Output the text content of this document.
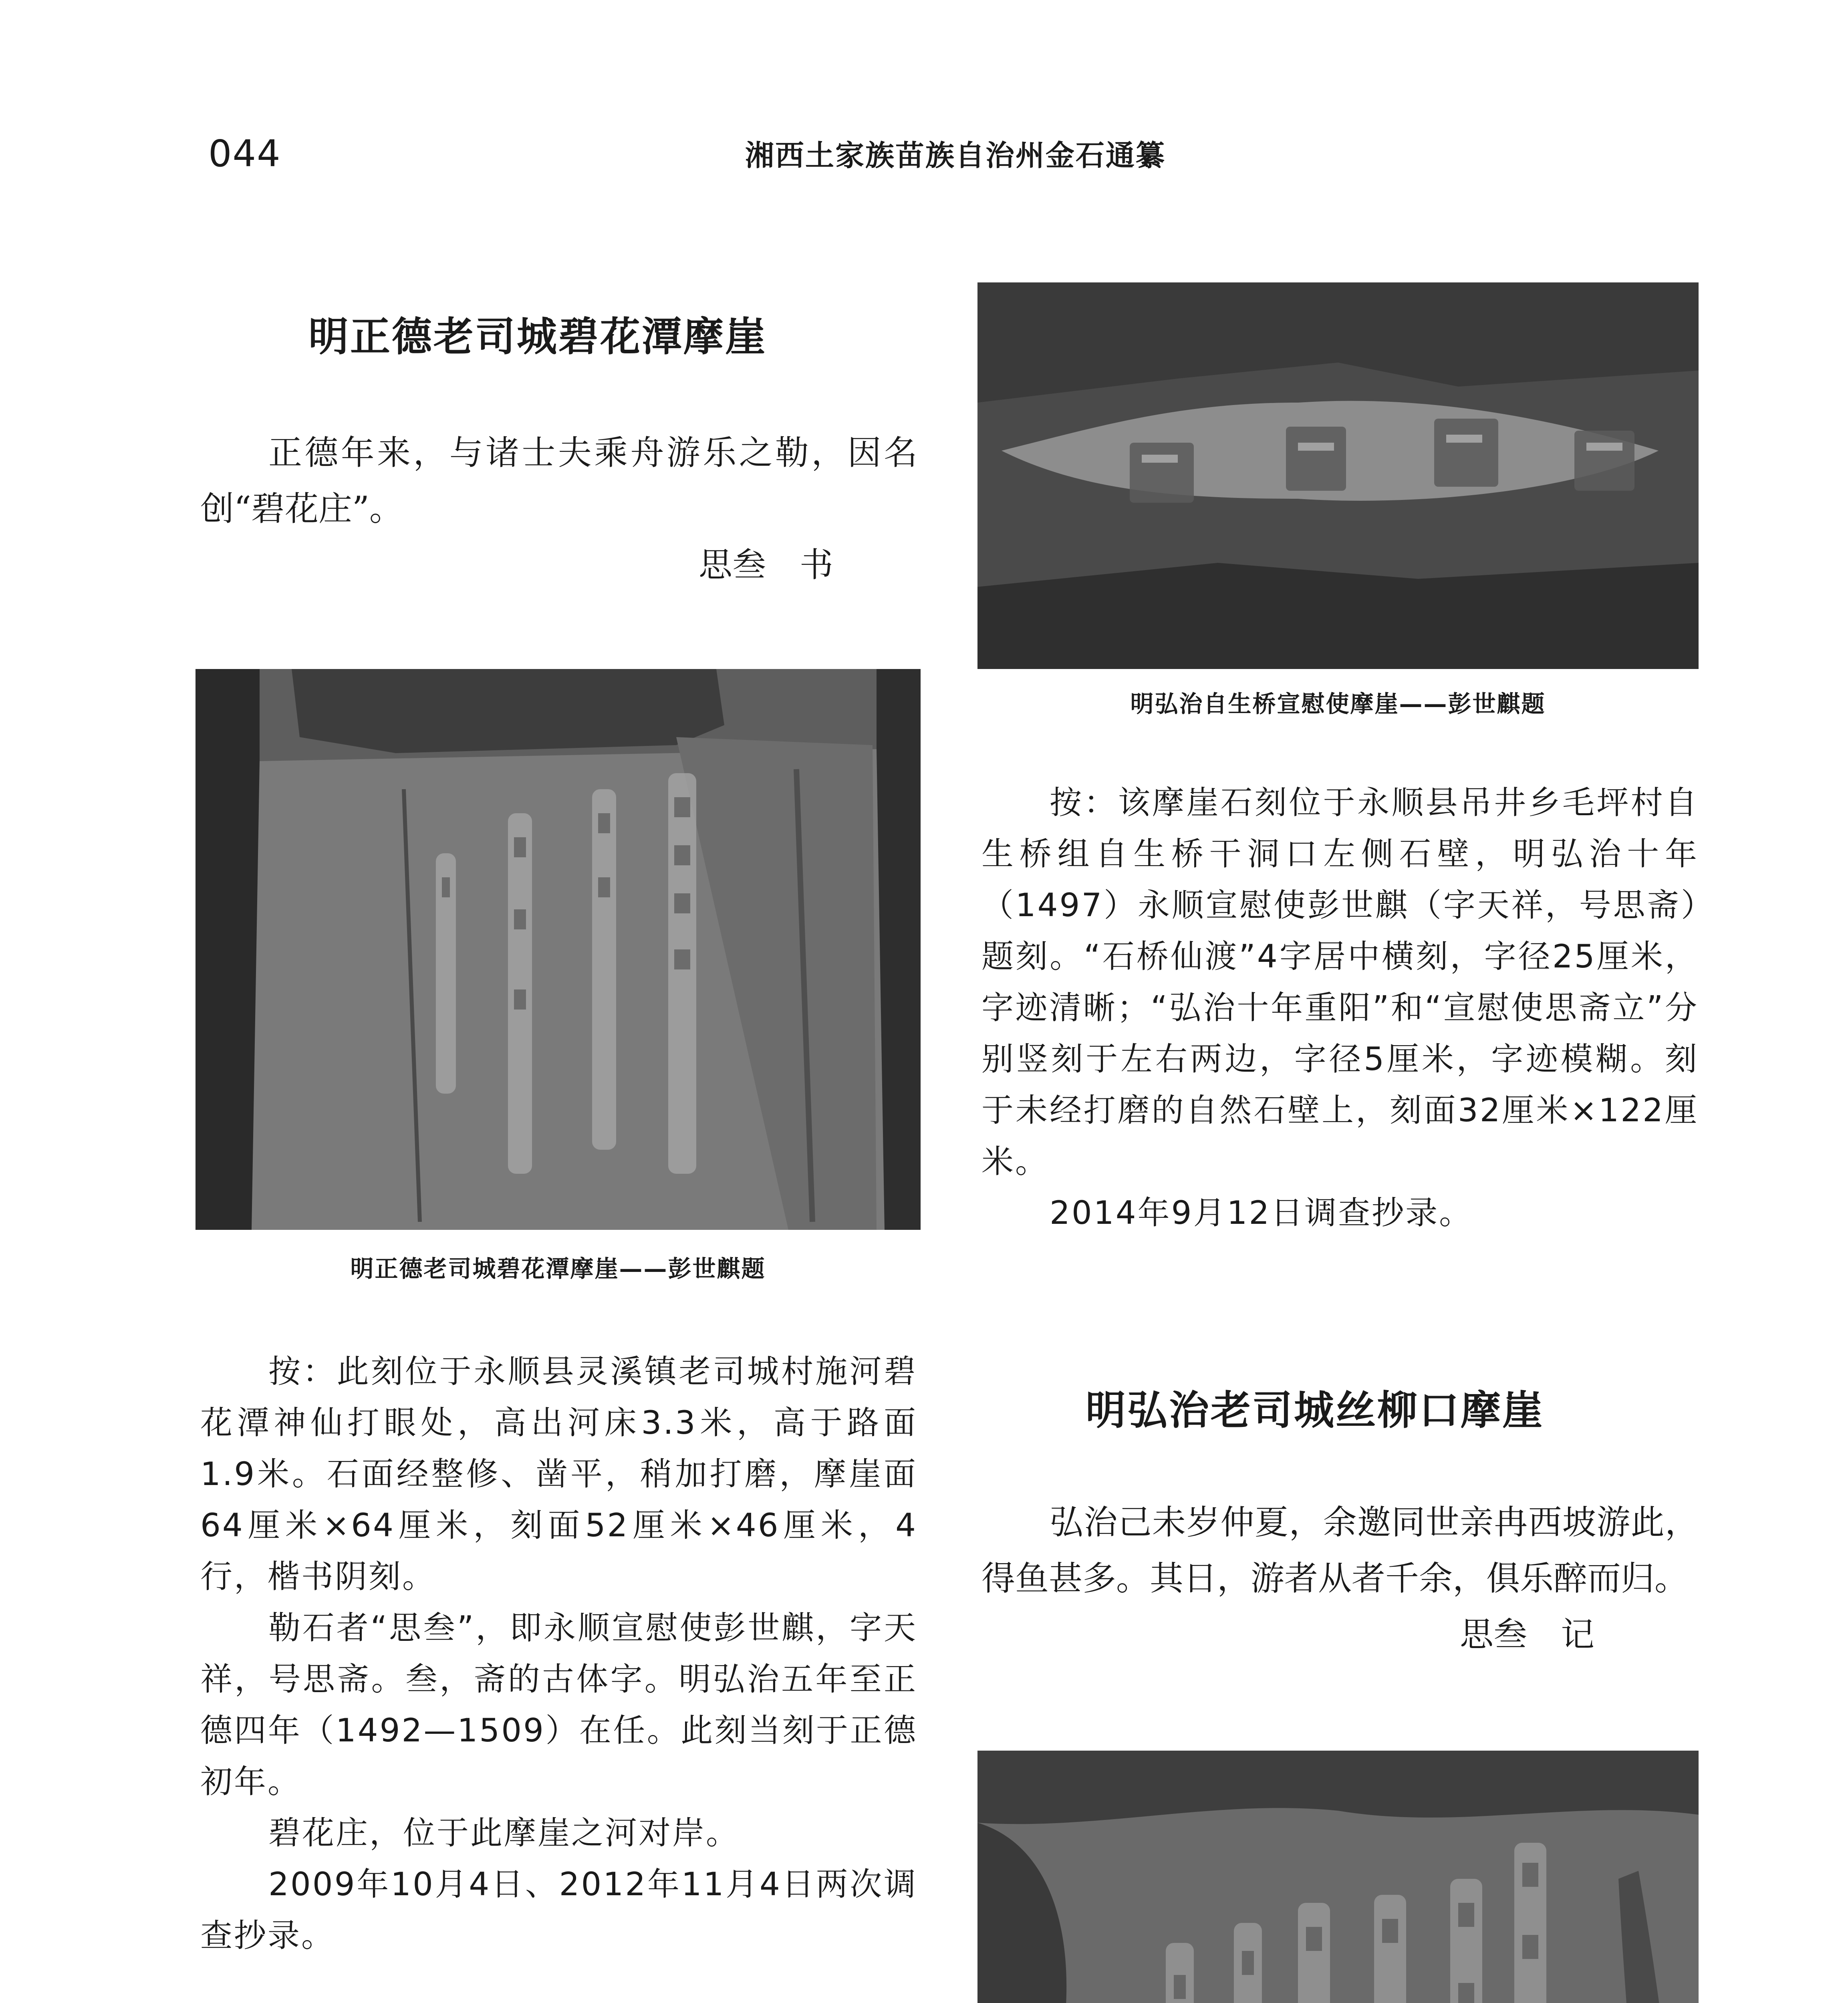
044	湘西土家族苗族自治州金石通纂
明正德老司城碧花潭摩崖

正德年来，与诸士夫乘舟游乐之勒，因名创“碧花庄”。

思叁　书

明正德老司城碧花潭摩崖——彭世麒题

按：此刻位于永顺县灵溪镇老司城村施河碧花潭神仙打眼处，高出河床3.3米，高于路面1.9米。石面经整修、凿平，稍加打磨，摩崖面64厘米×64厘米，刻面52厘米×46厘米，4行，楷书阴刻。

勒石者“思叁”，即永顺宣慰使彭世麒，字天祥，号思斋。叁，斋的古体字。明弘治五年至正德四年（1492—1509）在任。此刻当刻于正德初年。

碧花庄，位于此摩崖之河对岸。

2009年10月4日、2012年11月4日两次调查抄录。

明弘治自生桥宣慰使摩崖——彭世麒题

按：该摩崖石刻位于永顺县吊井乡毛坪村自生桥组自生桥干洞口左侧石壁，明弘治十年（1497）永顺宣慰使彭世麒（字天祥，号思斋）题刻。“石桥仙渡”4字居中横刻，字径25厘米，字迹清晰；“弘治十年重阳”和“宣慰使思斋立”分别竖刻于左右两边，字径5厘米，字迹模糊。刻于未经打磨的自然石壁上，刻面32厘米×122厘米。

2014年9月12日调查抄录。

明弘治老司城丝柳口摩崖

弘治己未岁仲夏，余邀同世亲冉西坡游此，得鱼甚多。其日，游者从者千余，俱乐醉而归。

思叁　记
